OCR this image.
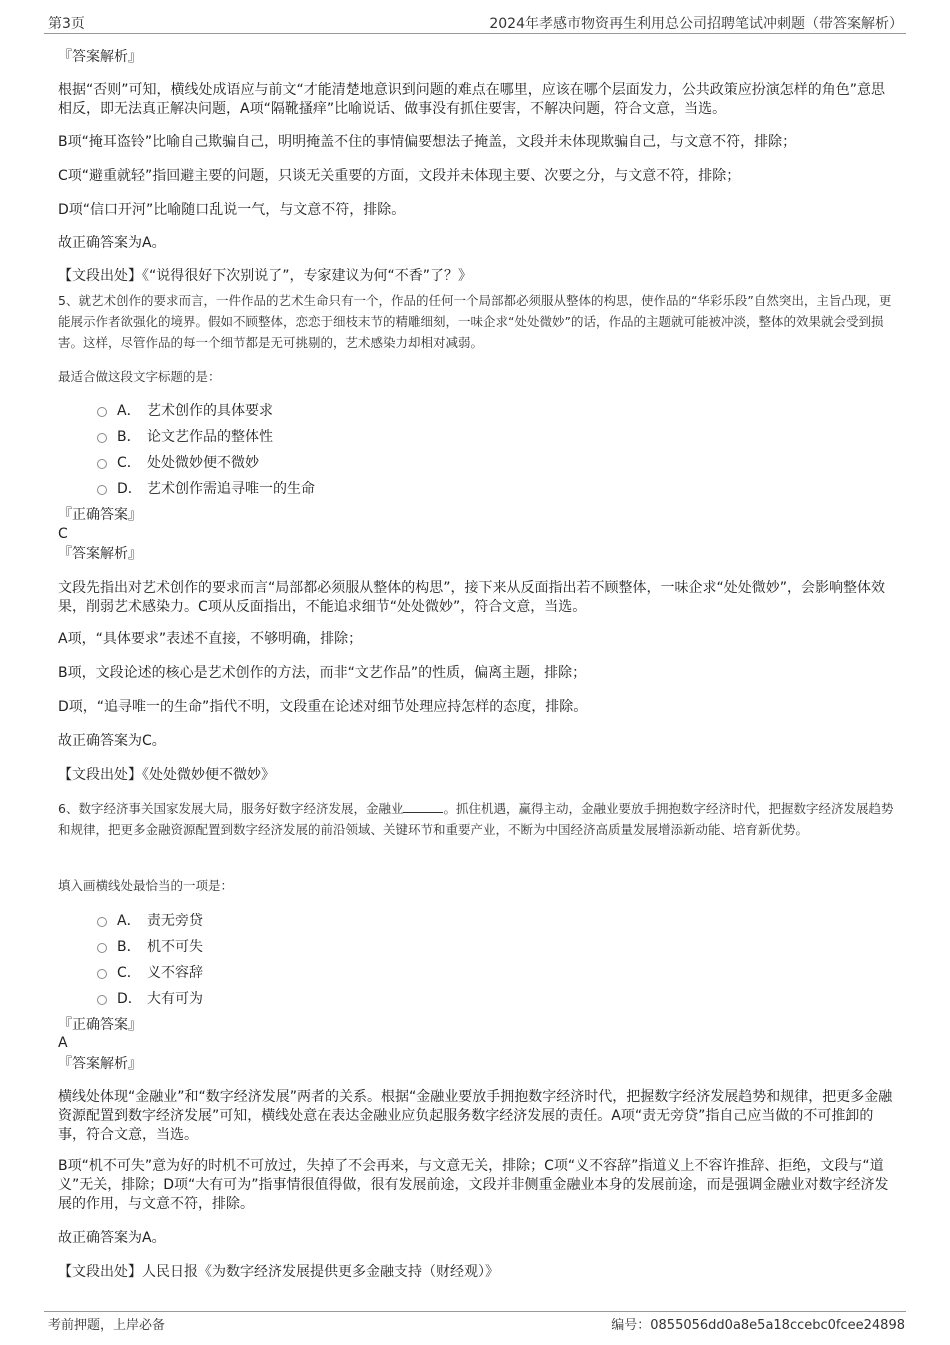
第3页	2024年孝感市物资再生利用总公司招聘笔试冲刺题（带答案解析）
『答案解析』
根据“否则”可知，横线处成语应与前文“才能清楚地意识到问题的难点在哪里，应该在哪个层面发力，公共政策应扮演怎样的角色”意思相反，即无法真正解决问题，A项“隔靴搔痒”比喻说话、做事没有抓住要害，不解决问题，符合文意，当选。
B项“掩耳盗铃”比喻自己欺骗自己，明明掩盖不住的事情偏要想法子掩盖，文段并未体现欺骗自己，与文意不符，排除；
C项“避重就轻”指回避主要的问题，只谈无关重要的方面，文段并未体现主要、次要之分，与文意不符，排除；
D项“信口开河”比喻随口乱说一气，与文意不符，排除。
故正确答案为A。
【文段出处】《“说得很好下次别说了”，专家建议为何“不香”了？》
5、就艺术创作的要求而言，一件作品的艺术生命只有一个，作品的任何一个局部都必须服从整体的构思，使作品的“华彩乐段”自然突出，主旨凸现，更能展示作者欲强化的境界。假如不顾整体，恋恋于细枝末节的精雕细刻，一味企求“处处微妙”的话，作品的主题就可能被冲淡，整体的效果就会受到损害。这样，尽管作品的每一个细节都是无可挑剔的，艺术感染力却相对减弱。
最适合做这段文字标题的是：
A． 艺术创作的具体要求
B． 论文艺作品的整体性
C． 处处微妙便不微妙
D． 艺术创作需追寻唯一的生命
『正确答案』
C
『答案解析』
文段先指出对艺术创作的要求而言“局部都必须服从整体的构思”，接下来从反面指出若不顾整体，一味企求“处处微妙”，会影响整体效果，削弱艺术感染力。C项从反面指出，不能追求细节“处处微妙”，符合文意，当选。
A项，“具体要求”表述不直接，不够明确，排除；
B项，文段论述的核心是艺术创作的方法，而非“文艺作品”的性质，偏离主题，排除；
D项，“追寻唯一的生命”指代不明，文段重在论述对细节处理应持怎样的态度，排除。
故正确答案为C。
【文段出处】《处处微妙便不微妙》
6、数字经济事关国家发展大局，服务好数字经济发展，金融业	。抓住机遇，赢得主动，金融业要放手拥抱数字经济时代，把握数字经济发展趋势和规律，把更多金融资源配置到数字经济发展的前沿领域、关键环节和重要产业，不断为中国经济高质量发展增添新动能、培育新优势。
填入画横线处最恰当的一项是：
A． 责无旁贷
B． 机不可失
C． 义不容辞
D． 大有可为
『正确答案』
A
『答案解析』
横线处体现“金融业”和“数字经济发展”两者的关系。根据“金融业要放手拥抱数字经济时代，把握数字经济发展趋势和规律，把更多金融资源配置到数字经济发展”可知，横线处意在表达金融业应负起服务数字经济发展的责任。A项“责无旁贷”指自己应当做的不可推卸的事，符合文意，当选。
B项“机不可失”意为好的时机不可放过，失掉了不会再来，与文意无关，排除；C项“义不容辞”指道义上不容许推辞、拒绝，文段与“道义”无关，排除；D项“大有可为”指事情很值得做，很有发展前途，文段并非侧重金融业本身的发展前途，而是强调金融业对数字经济发展的作用，与文意不符，排除。
故正确答案为A。
【文段出处】人民日报《为数字经济发展提供更多金融支持（财经观）》
考前押题，上岸必备	编号：0855056dd0a8e5a18ccebc0fcee24898
